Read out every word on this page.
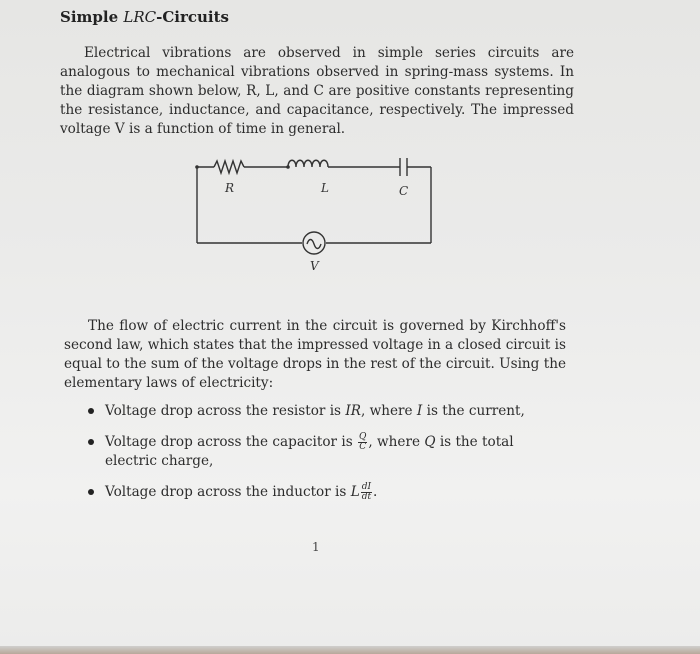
Simple LRC-Circuits
Electrical vibrations are observed in simple series circuits are analogous to mechanical vibrations observed in spring-mass systems. In the diagram shown below, R, L, and C are positive constants representing the resistance, inductance, and capacitance, respectively. The impressed voltage V is a function of time in general.
R	L	C
V
The flow of electric current in the circuit is governed by Kirchhoff's second law, which states that the impressed voltage in a closed circuit is equal to the sum of the voltage drops in the rest of the circuit. Using the elementary laws of electricity:
Voltage drop across the resistor is IR, where I is the current,
Voltage drop across the capacitor is $\frac{Q}{C}$ , where Q is the total electric charge,
Voltage drop across the inductor is L $\frac{dI}{dt}$ .
1
